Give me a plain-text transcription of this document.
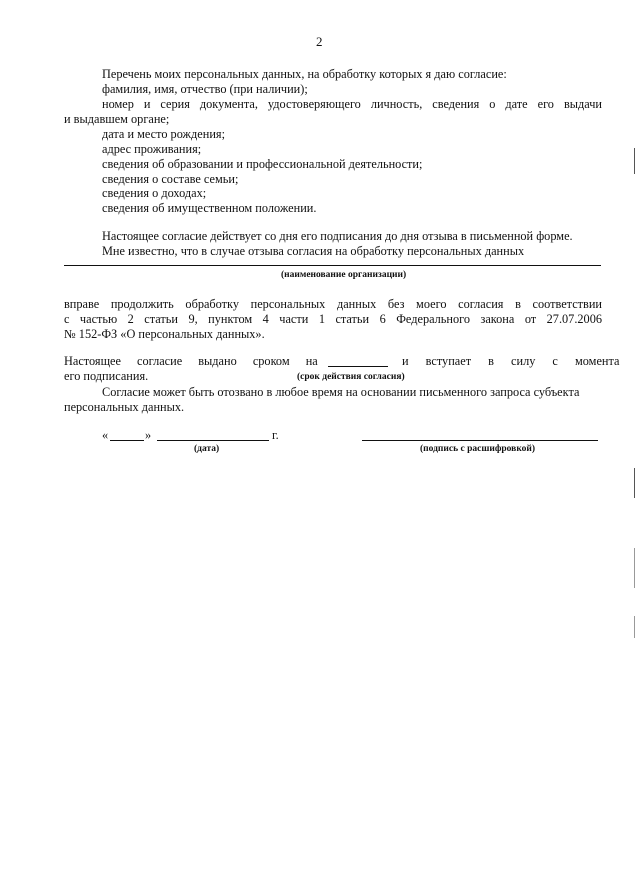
2
Перечень моих персональных данных, на обработку которых я даю согласие:
фамилия, имя, отчество (при наличии);
номер и серия документа, удостоверяющего личность, сведения о дате его выдачи
и выдавшем органе;
дата и место рождения;
адрес проживания;
сведения об образовании и профессиональной деятельности;
сведения о составе семьи;
сведения о доходах;
сведения об имущественном положении.
Настоящее согласие действует со дня его подписания до дня отзыва в письменной форме.
Мне известно, что в случае отзыва согласия на обработку персональных данных
(наименование организации)
вправе продолжить обработку персональных данных без моего согласия в соответствии
с частью 2 статьи 9, пунктом 4 части 1 статьи 6 Федерального закона от 27.07.2006
№ 152-ФЗ «О персональных данных».
Настоящее согласие выдано сроком на	и вступает в силу с момента
его подписания.	(срок действия согласия)
Согласие может быть отозвано в любое время на основании письменного запроса субъекта
персональных данных.
«	»	г.
(дата)	(подпись с расшифровкой)
